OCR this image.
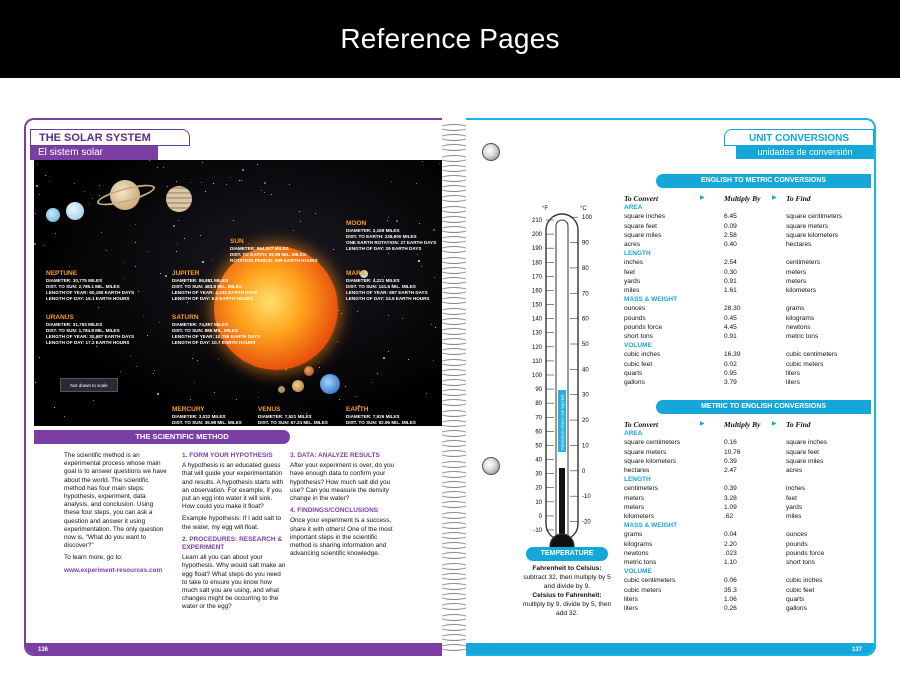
Reference Pages
THE SOLAR SYSTEM
El sistem solar
SUN
DIAMETER: 864,947 MILES
DIST. TO EARTH: 92.96 MIL. MILES
ROTATION PERIOD: 609 EARTH HOURS
MOON
DIAMETER: 2,159 MILES
DIST. TO EARTH: 238,900 MILES
ONE EARTH ROTATION: 27 EARTH DAYS
LENGTH OF DAY: 29 EARTH DAYS
MARS
DIAMETER: 4,221 MILES
DIST. TO SUN: 141.6 MIL. MILES
LENGTH OF YEAR: 687 EARTH DAYS
LENGTH OF DAY: 24.6 EARTH HOURS
JUPITER
DIAMETER: 86,881 MILES
DIST. TO SUN: 483.8 MIL. MILES
LENGTH OF YEAR: 4,333 EARTH DAYS
LENGTH OF DAY: 9.9 EARTH HOURS
SATURN
DIAMETER: 74,897 MILES
DIST. TO SUN: 886 MIL. MILES
LENGTH OF YEAR: 10,759 EARTH DAYS
LENGTH OF DAY: 10.7 EARTH HOURS
NEPTUNE
DIAMETER: 30,775 MILES
DIST. TO SUN: 2,795.1 MIL. MILES
LENGTH OF YEAR: 60,190 EARTH DAYS
LENGTH OF DAY: 16.1 EARTH HOURS
URANUS
DIAMETER: 31,763 MILES
DIST. TO SUN: 1,784.8 MIL. MILES
LENGTH OF YEAR: 30,687 EARTH DAYS
LENGTH OF DAY: 17.2 EARTH HOURS
MERCURY
DIAMETER: 3,032 MILES
DIST. TO SUN: 35.98 MIL. MILES

VENUS
DIAMETER: 7,521 MILES
DIST. TO SUN: 67.24 MIL. MILES

EARTH
DIAMETER: 7,926 MILES
DIST. TO SUN: 92.96 MIL. MILES

Not drawn to scale
THE SCIENTIFIC METHOD

The scientific method is an experimental process whose main goal is to answer questions we have about the world. The scientific method has four main steps: hypothesis, experiment, data analysis, and conclusion. Using these four steps, you can ask a question and answer it using experimentation. The only question now is, "What do you want to discover?"

To learn more, go to:

www.experiment-resources.com

1. FORM YOUR HYPOTHESIS

A hypothesis is an educated guess that will guide your experimentation and results. A hypothesis starts with an observation. For example, if you put an egg into water it will sink. How could you make it float?

Example hypothesis: If I add salt to the water, my egg will float.

2. PROCEDURES: RESEARCH & EXPERIMENT

Learn all you can about your hypothesis. Why would salt make an egg float? What steps do you need to take to ensure you know how much salt you are using, and what changes might be occurring to the water or the egg?

3. DATA: ANALYZE RESULTS

After your experiment is over, do you have enough data to confirm your hypothesis? How much salt did you use? Can you measure the density change in the water?

4. FINDINGS/CONCLUSIONS

Once your experiment is a success, share it with others! One of the most important steps in the scientific method is sharing information and advancing scientific knowledge.

136
UNIT CONVERSIONS
unidades de conversión
°F	°C
FREEZING POINT OF WATER
210
200
190
180
170
160
150
140
130
120
110
100
90
80
70
60
50
40
30
20
10
0
-10
100
90
80
70
60
50
40
30
20
10
0
-10
-20
TEMPERATURE
Fahrenheit to Celsius:
subtract 32, then multiply by 5 and divide by 9.
Celsius to Fahrenheit:
multiply by 9, divide by 5, then add 32.
ENGLISH TO METRIC CONVERSIONS
To Convert	▶	Multiply By	▶	To Find
AREA
square inches	6.45	square centimeters
square feet	0.09	square meters
square miles	2.58	square kilometers
acres	0.40	hectares
LENGTH
inches	2.54	centimeters
feet	0.30	meters
yards	0.91	meters
miles	1.61	kilometers
MASS & WEIGHT
ounces	28.30	grams
pounds	0.45	kilograms
pounds force	4.45	newtons
short tons	0.91	metric tons
VOLUME
cubic inches	16.39	cubic centimeters
cubic feet	0.02	cubic meters
quarts	0.95	liters
gallons	3.79	liters
METRIC TO ENGLISH CONVERSIONS
To Convert	▶	Multiply By	▶	To Find
AREA
square centimeters	0.16	square inches
square meters	10.76	square feet
square kilometers	0.39	square miles
hectares	2.47	acres
LENGTH
centimeters	0.39	inches
meters	3.28	feet
meters	1.09	yards
kilometers	.62	miles
MASS & WEIGHT
grams	0.04	ounces
kilograms	2.20	pounds
newtons	.023	pounds force
metric tons	1.10	short tons
VOLUME
cubic centimeters	0.06	cubic inches
cubic meters	35.3	cubic feet
liters	1.06	quarts
liters	0.26	gallons
137
